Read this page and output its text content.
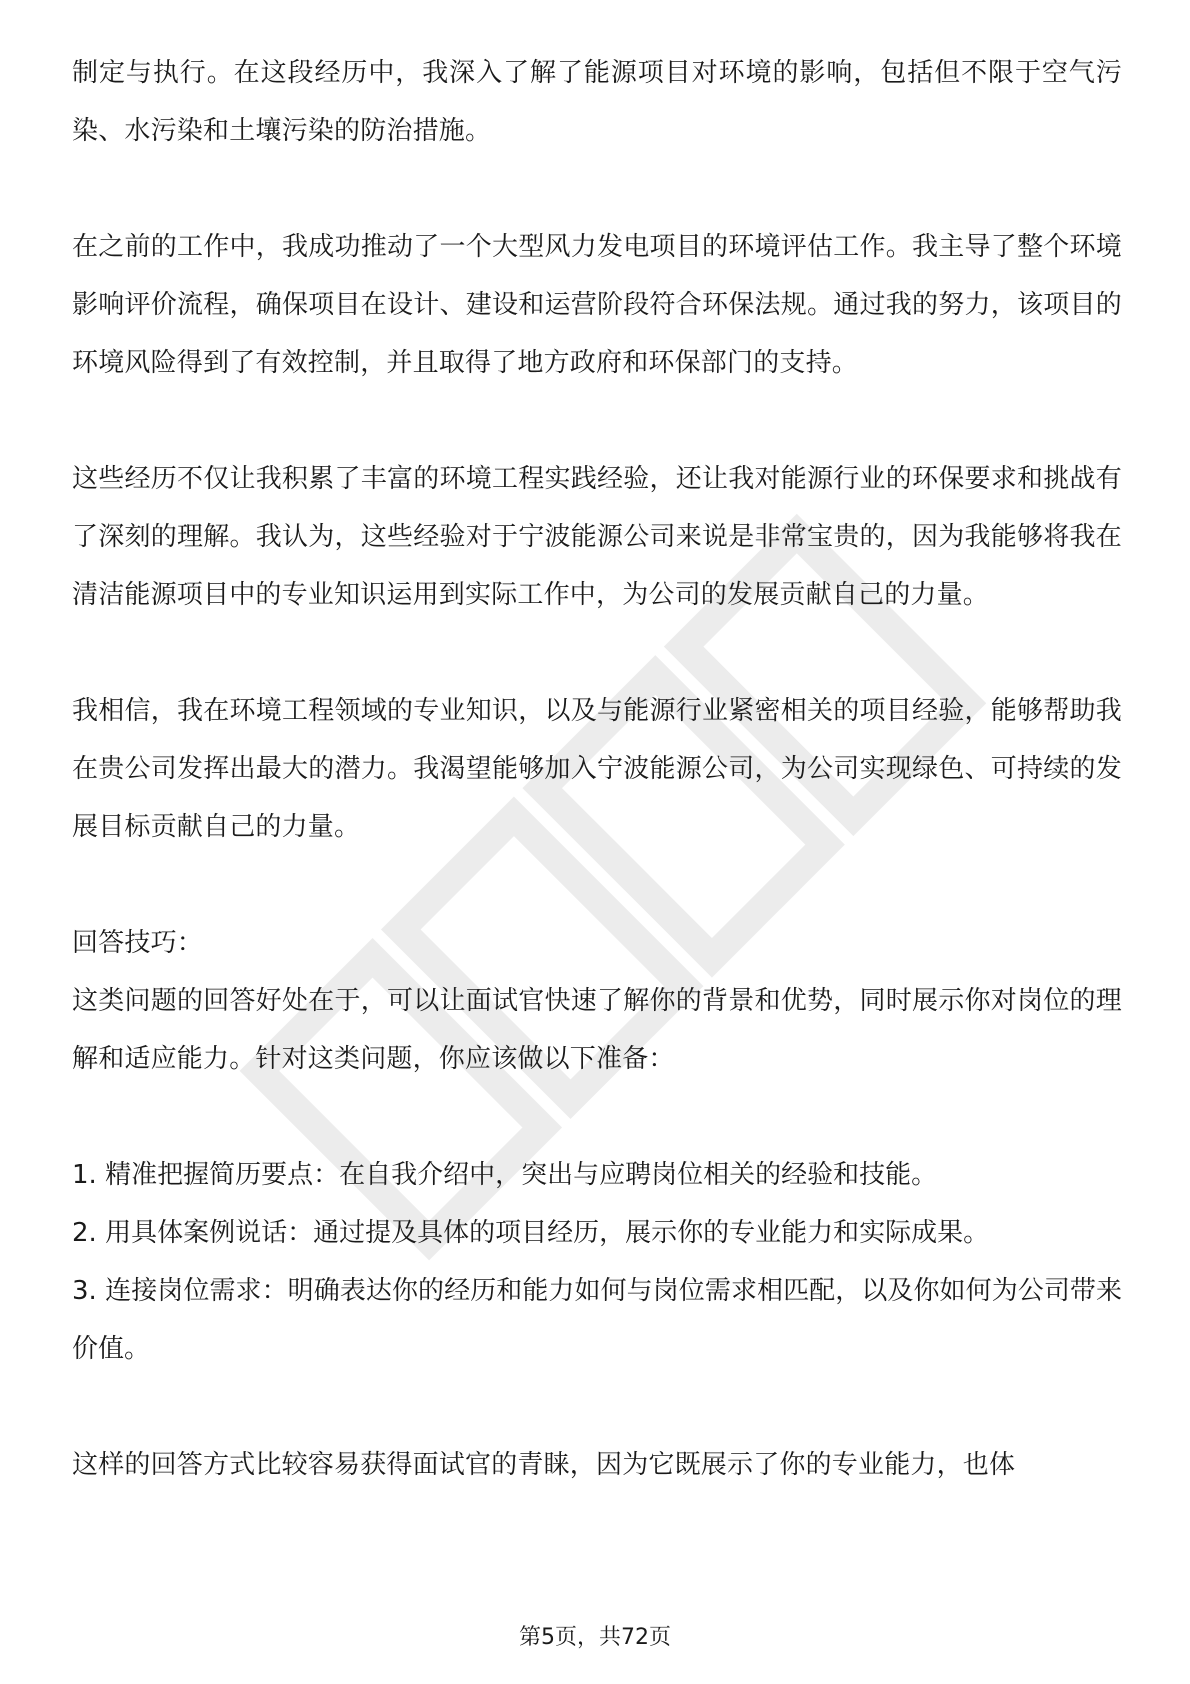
制定与执行。在这段经历中，我深入了解了能源项目对环境的影响，包括但不限于空气污染、水污染和土壤污染的防治措施。

在之前的工作中，我成功推动了一个大型风力发电项目的环境评估工作。我主导了整个环境影响评价流程，确保项目在设计、建设和运营阶段符合环保法规。通过我的努力，该项目的环境风险得到了有效控制，并且取得了地方政府和环保部门的支持。

这些经历不仅让我积累了丰富的环境工程实践经验，还让我对能源行业的环保要求和挑战有了深刻的理解。我认为，这些经验对于宁波能源公司来说是非常宝贵的，因为我能够将我在清洁能源项目中的专业知识运用到实际工作中，为公司的发展贡献自己的力量。

我相信，我在环境工程领域的专业知识，以及与能源行业紧密相关的项目经验，能够帮助我在贵公司发挥出最大的潜力。我渴望能够加入宁波能源公司，为公司实现绿色、可持续的发展目标贡献自己的力量。

回答技巧：

这类问题的回答好处在于，可以让面试官快速了解你的背景和优势，同时展示你对岗位的理解和适应能力。针对这类问题，你应该做以下准备：

1. 精准把握简历要点：在自我介绍中，突出与应聘岗位相关的经验和技能。

2. 用具体案例说话：通过提及具体的项目经历，展示你的专业能力和实际成果。

3. 连接岗位需求：明确表达你的经历和能力如何与岗位需求相匹配，以及你如何为公司带来价值。

这样的回答方式比较容易获得面试官的青睐，因为它既展示了你的专业能力，也体

第5页，共72页
